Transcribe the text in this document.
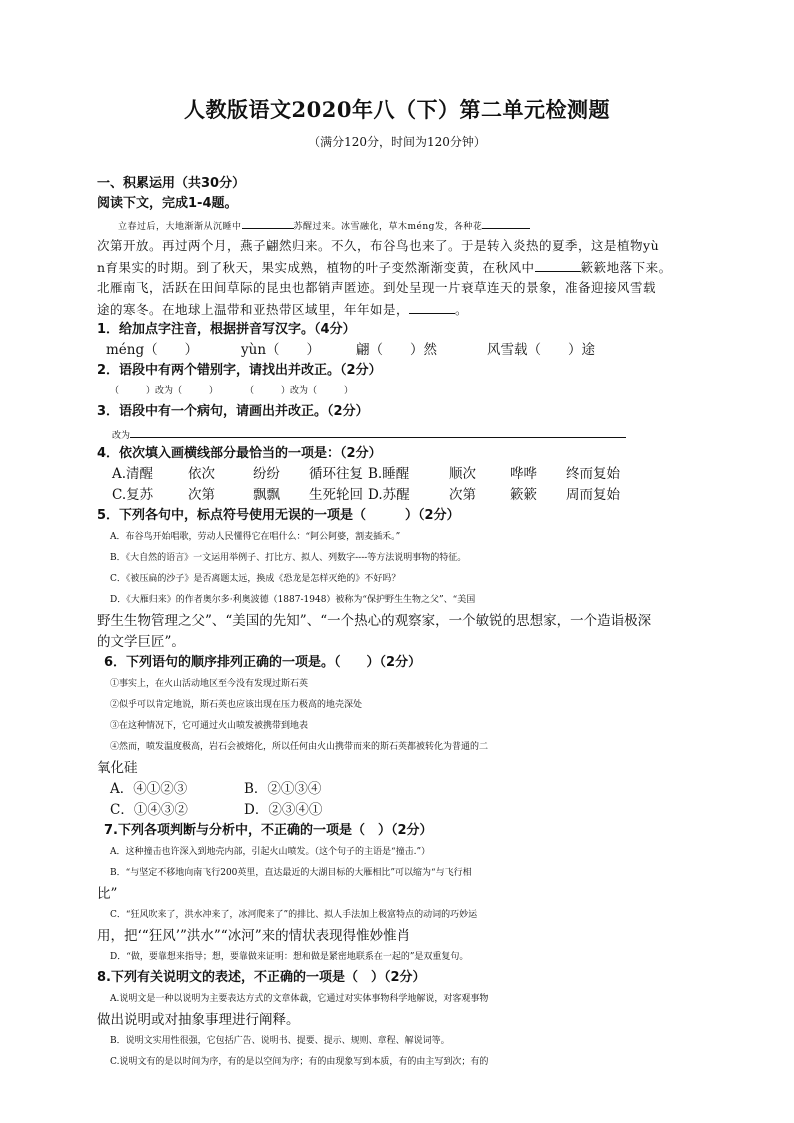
人教版语文2020年八（下）第二单元检测题
（满分120分，时间为120分钟）
一、积累运用（共30分）
阅读下文，完成1-4题。
立春过后，大地渐渐从沉睡中	苏醒过来。冰雪融化，草木méng发，各种花
次第开放。再过两个月，燕子翩然归来。不久，布谷鸟也来了。于是转入炎热的夏季，这是植物yù
n育果实的时期。到了秋天，果实成熟，植物的叶子变然渐渐变黄，在秋风中	簌簌地落下来。
北雁南飞，活跃在田间草际的昆虫也都销声匿迹。到处呈现一片衰草连天的景象，准备迎接风雪载
途的寒冬。在地球上温带和亚热带区域里，年年如是，	。
1．给加点字注音，根据拼音写汉字。（4分）
méng（　　）	yùn（　　）	翩（　　）然	风雪载（　　）途
2．语段中有两个错别字，请找出并改正。（2分）
（　　　）改为（　　　）　　　　（　　　）改为（　　　）
3．语段中有一个病句，请画出并改正。（2分）
改为
4．依次填入画横线部分最恰当的一项是：（2分）
A.清醒	依次	纷纷 循环往复 B.睡醒	顺次	哗哗 终而复始
C.复苏	次第	飘飘 生死轮回 D.苏醒	次第	簌簌 周而复始
5．下列各句中，标点符号使用无误的一项是（　　　）（2分）
A．布谷鸟开始唱歌，劳动人民懂得它在唱什么：“阿公阿婆，割麦插禾。”
B．《大自然的语言》一文运用举例子、打比方、拟人、列数字----等方法说明事物的特征。
C．《被压扁的沙子》是否离题太远，换成《恐龙是怎样灭绝的》不好吗？
D．《大雁归来》的作者奥尔多·利奥波德（1887-1948）被称为“保护野生生物之父”、“美国
野生生物管理之父”、“美国的先知”、“一个热心的观察家，一个敏锐的思想家，一个造诣极深
的文学巨匠”。
6．下列语句的顺序排列正确的一项是。（　　）（2分）
①事实上，在火山活动地区至今没有发现过斯石英
②似乎可以肯定地说，斯石英也应该出现在压力极高的地壳深处
③在这种情况下，它可通过火山喷发被携带到地表
④然而，喷发温度极高，岩石会被熔化，所以任何由火山携带而来的斯石英都被转化为普通的二
氧化硅
A．④①②③	B．②①③④
C．①④③②	D．②③④①
7.下列各项判断与分析中，不正确的一项是（　）（2分）
A．这种撞击也许深入到地壳内部，引起火山喷发。（这个句子的主语是“撞击.”）
B．“与坚定不移地向南飞行200英里，直达最近的大湖目标的大雁相比”可以缩为“与飞行相
比”
C．“狂风吹来了，洪水冲来了，冰河爬来了”的排比、拟人手法加上极富特点的动词的巧妙运
用，把‘“狂风’”洪水”“冰河”来的情状表现得惟妙惟肖
D．“做，要靠想来指导；想，要靠做来证明：想和做是紧密地联系在一起的”是双重复句。
8.下列有关说明文的表述，不正确的一项是（　）（2分）
A.说明文是一种以说明为主要表达方式的文章体裁，它通过对实体事物科学地解说，对客观事物
做出说明或对抽象事理进行阐释。
B．说明文实用性很强，它包括广告、说明书、提要、提示、规则、章程、解说词等。
C.说明文有的是以时间为序，有的是以空间为序；有的由现象写到本质，有的由主写到次；有的
